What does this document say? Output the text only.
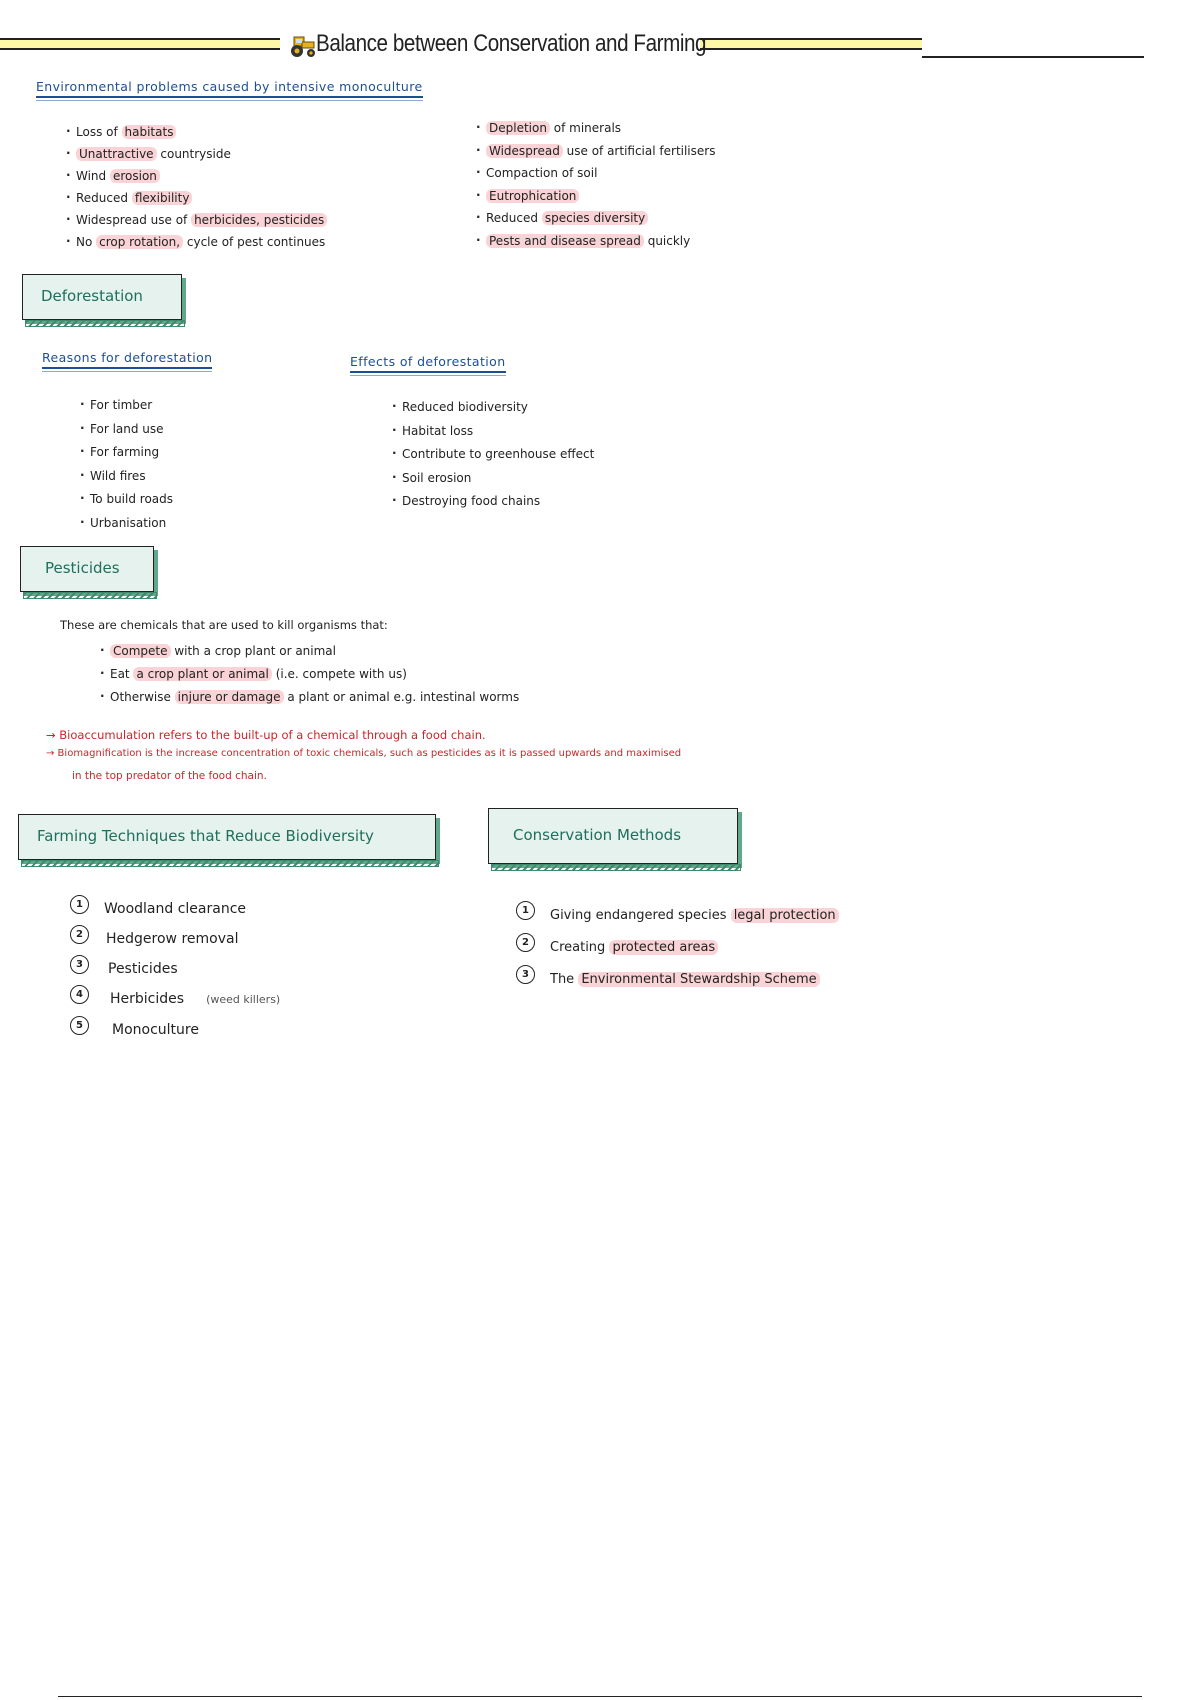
Balance between Conservation and Farming
Environmental problems caused by intensive monoculture
· Loss of habitats
· Unattractive countryside
· Wind erosion
· Reduced flexibility
· Widespread use of herbicides, pesticides
· No crop rotation, cycle of pest continues
· Depletion of minerals
· Widespread use of artificial fertilisers
· Compaction of soil
· Eutrophication
· Reduced species diversity
· Pests and disease spread quickly
Deforestation
Reasons for deforestation	Effects of deforestation
· For timber
· For land use
· For farming
· Wild fires
· To build roads
· Urbanisation
· Reduced biodiversity
· Habitat loss
· Contribute to greenhouse effect
· Soil erosion
· Destroying food chains
Pesticides
These are chemicals that are used to kill organisms that:
· Compete with a crop plant or animal
· Eat a crop plant or animal (i.e. compete with us)
· Otherwise injure or damage a plant or animal e.g. intestinal worms
→ Bioaccumulation refers to the built-up of a chemical through a food chain.
→ Biomagnification is the increase concentration of toxic chemicals, such as pesticides as it is passed upwards and maximised
in the top predator of the food chain.
Farming Techniques that Reduce Biodiversity
1	Woodland clearance
2	Hedgerow removal
3	Pesticides
4	Herbicides (weed killers)
5	Monoculture
Conservation Methods
1	Giving endangered species legal protection
2	Creating protected areas
3	The Environmental Stewardship Scheme
